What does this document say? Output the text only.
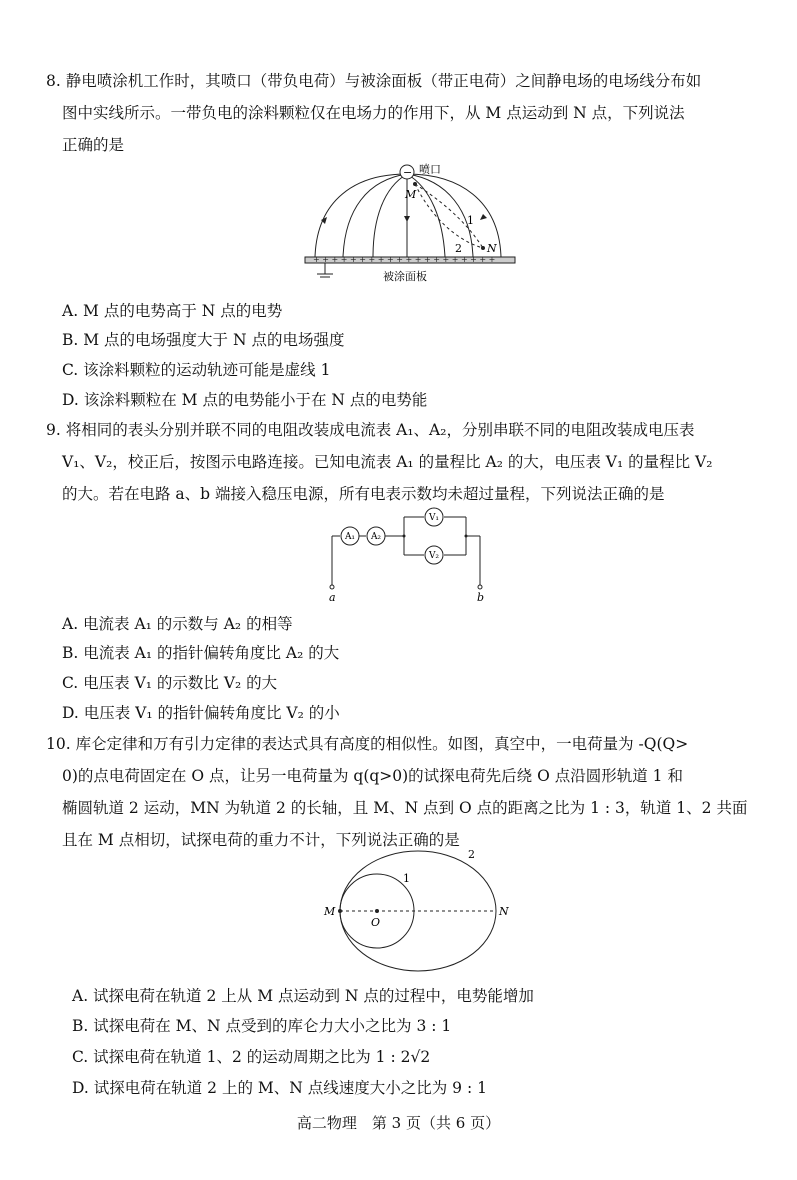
8. 静电喷涂机工作时，其喷口（带负电荷）与被涂面板（带正电荷）之间静电场的电场线分布如
图中实线所示。一带负电的涂料颗粒仅在电场力的作用下，从 M 点运动到 N 点，下列说法
正确的是
+ + + + + + + + + + + + + + + + + + + +
− 喷口
M
N
1
2
被涂面板
A. M 点的电势高于 N 点的电势
B. M 点的电场强度大于 N 点的电场强度
C. 该涂料颗粒的运动轨迹可能是虚线 1
D. 该涂料颗粒在 M 点的电势能小于在 N 点的电势能
9. 将相同的表头分别并联不同的电阻改装成电流表 A₁、A₂，分别串联不同的电阻改装成电压表
V₁、V₂，校正后，按图示电路连接。已知电流表 A₁ 的量程比 A₂ 的大，电压表 V₁ 的量程比 V₂
的大。若在电路 a、b 端接入稳压电源，所有电表示数均未超过量程，下列说法正确的是
A₁ A₂
V₁
V₂
a	b
A. 电流表 A₁ 的示数与 A₂ 的相等
B. 电流表 A₁ 的指针偏转角度比 A₂ 的大
C. 电压表 V₁ 的示数比 V₂ 的大
D. 电压表 V₁ 的指针偏转角度比 V₂ 的小
10. 库仑定律和万有引力定律的表达式具有高度的相似性。如图，真空中，一电荷量为 -Q(Q>
0)的点电荷固定在 O 点，让另一电荷量为 q(q>0)的试探电荷先后绕 O 点沿圆形轨道 1 和
椭圆轨道 2 运动，MN 为轨道 2 的长轴，且 M、N 点到 O 点的距离之比为 1 : 3，轨道 1、2 共面
且在 M 点相切，试探电荷的重力不计，下列说法正确的是
M	N
O
1
2
A. 试探电荷在轨道 2 上从 M 点运动到 N 点的过程中，电势能增加
B. 试探电荷在 M、N 点受到的库仑力大小之比为 3 : 1
C. 试探电荷在轨道 1、2 的运动周期之比为 1 : 2√2
D. 试探电荷在轨道 2 上的 M、N 点线速度大小之比为 9 : 1
高二物理　第 3 页（共 6 页）
